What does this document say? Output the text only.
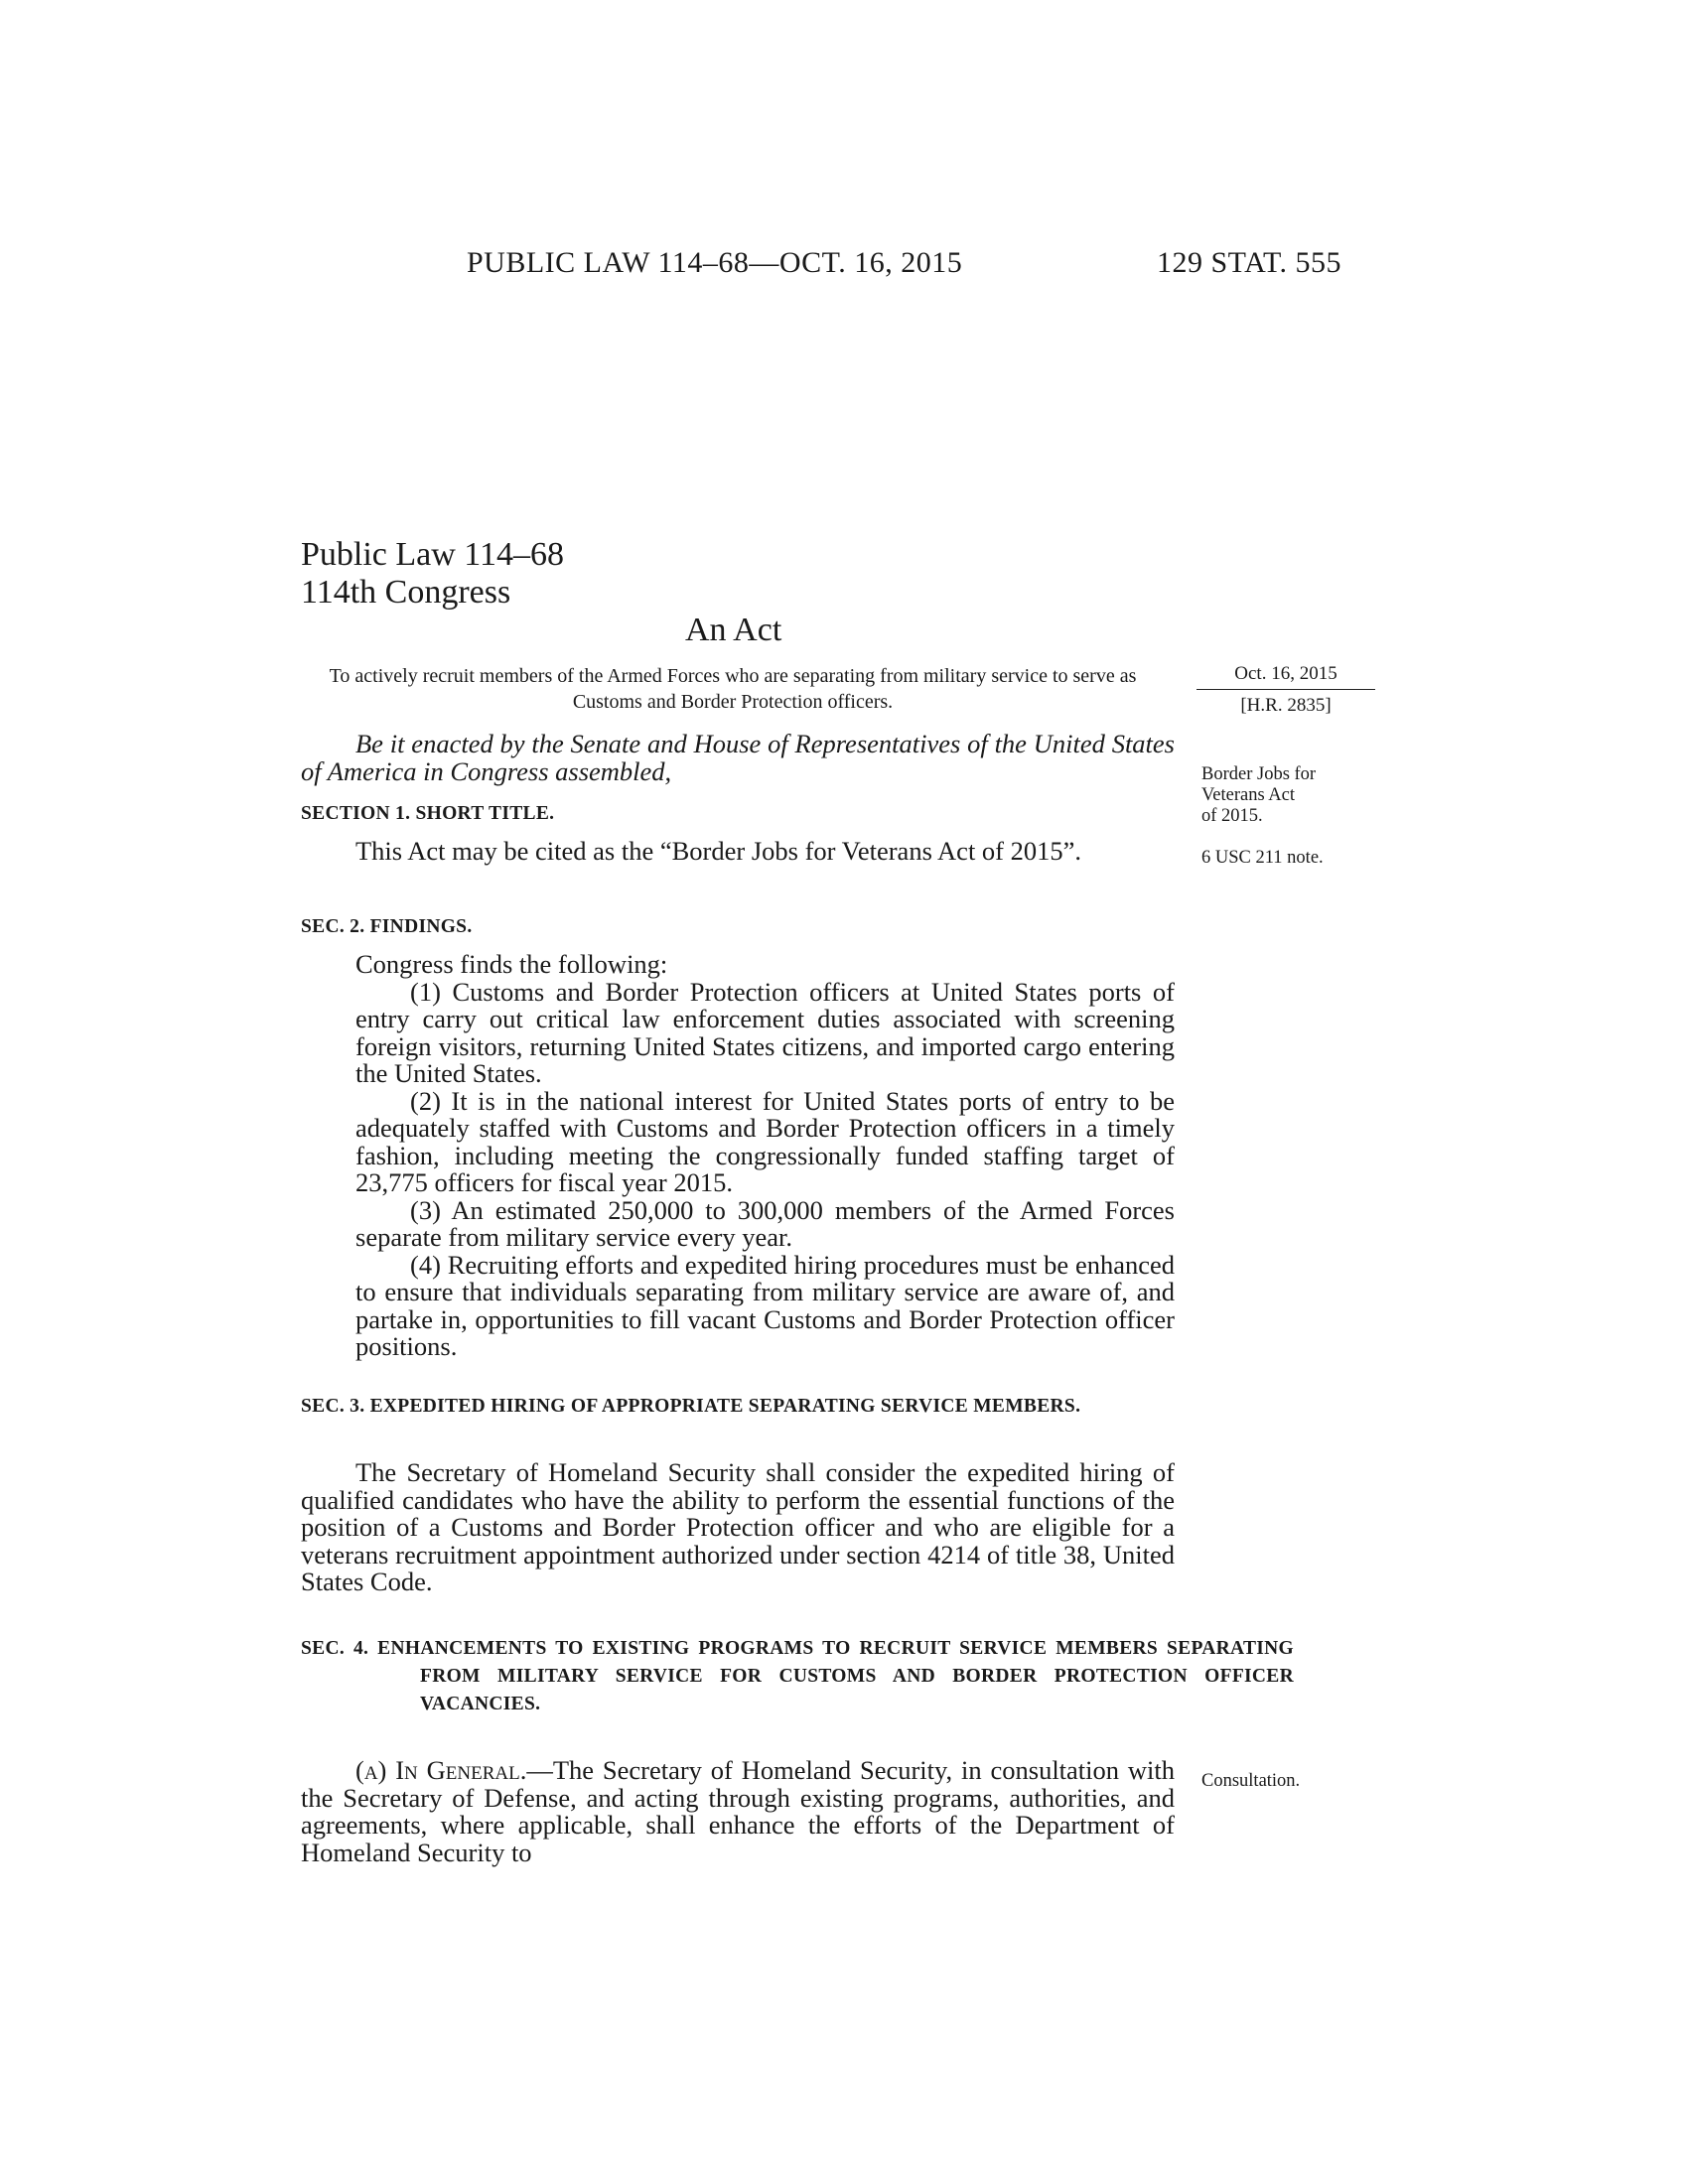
PUBLIC LAW 114–68—OCT. 16, 2015	129 STAT. 555
Public Law 114–68
114th Congress
An Act
To actively recruit members of the Armed Forces who are separating from military service to serve as Customs and Border Protection officers.
Oct. 16, 2015
[H.R. 2835]
Border Jobs for
Veterans Act
of 2015.
6 USC 211 note.
Consultation.

Be it enacted by the Senate and House of Representatives of the United States of America in Congress assembled,

SECTION 1. SHORT TITLE.

This Act may be cited as the “Border Jobs for Veterans Act of 2015”.

SEC. 2. FINDINGS.

Congress finds the following:

(1) Customs and Border Protection officers at United States ports of entry carry out critical law enforcement duties associated with screening foreign visitors, returning United States citizens, and imported cargo entering the United States.

(2) It is in the national interest for United States ports of entry to be adequately staffed with Customs and Border Protection officers in a timely fashion, including meeting the congressionally funded staffing target of 23,775 officers for fiscal year 2015.

(3) An estimated 250,000 to 300,000 members of the Armed Forces separate from military service every year.

(4) Recruiting efforts and expedited hiring procedures must be enhanced to ensure that individuals separating from military service are aware of, and partake in, opportunities to fill vacant Customs and Border Protection officer positions.

SEC. 3. EXPEDITED HIRING OF APPROPRIATE SEPARATING SERVICE MEMBERS.

The Secretary of Homeland Security shall consider the expedited hiring of qualified candidates who have the ability to perform the essential functions of the position of a Customs and Border Protection officer and who are eligible for a veterans recruitment appointment authorized under section 4214 of title 38, United States Code.

SEC. 4. ENHANCEMENTS TO EXISTING PROGRAMS TO RECRUIT SERVICE MEMBERS SEPARATING FROM MILITARY SERVICE FOR CUSTOMS AND BORDER PROTECTION OFFICER VACANCIES.

(a) In General.—The Secretary of Homeland Security, in consultation with the Secretary of Defense, and acting through existing programs, authorities, and agreements, where applicable, shall enhance the efforts of the Department of Homeland Security to
